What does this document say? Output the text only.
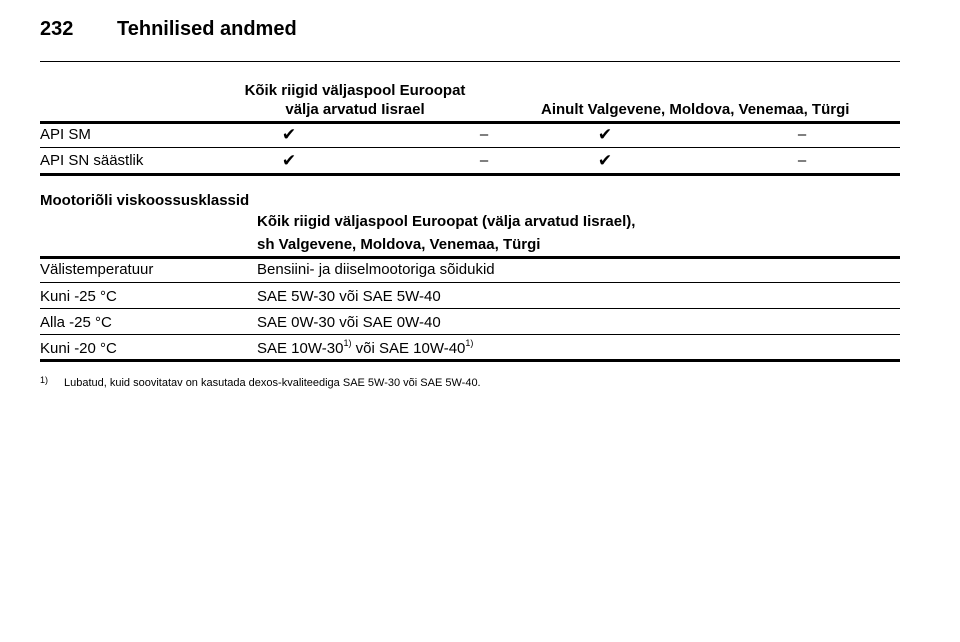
232 Tehnilised andmed
Kõik riigid väljaspool Euroopat
välja arvatud Iisrael	Ainult Valgevene, Moldova, Venemaa, Türgi
API SM	✔	–	✔	–
API SN säästlik	✔	–	✔	–
Mootoriõli viskoossusklassid
Kõik riigid väljaspool Euroopat (välja arvatud Iisrael),
sh Valgevene, Moldova, Venemaa, Türgi
Välistemperatuur	Bensiini- ja diiselmootoriga sõidukid
Kuni -25 °C	SAE 5W-30 või SAE 5W-40
Alla -25 °C	SAE 0W-30 või SAE 0W-40
Kuni -20 °C	SAE 10W-30$^{1)}$ või SAE 10W-40$^{1)}$
1) Lubatud, kuid soovitatav on kasutada dexos-kvaliteediga SAE 5W-30 või SAE 5W-40.
